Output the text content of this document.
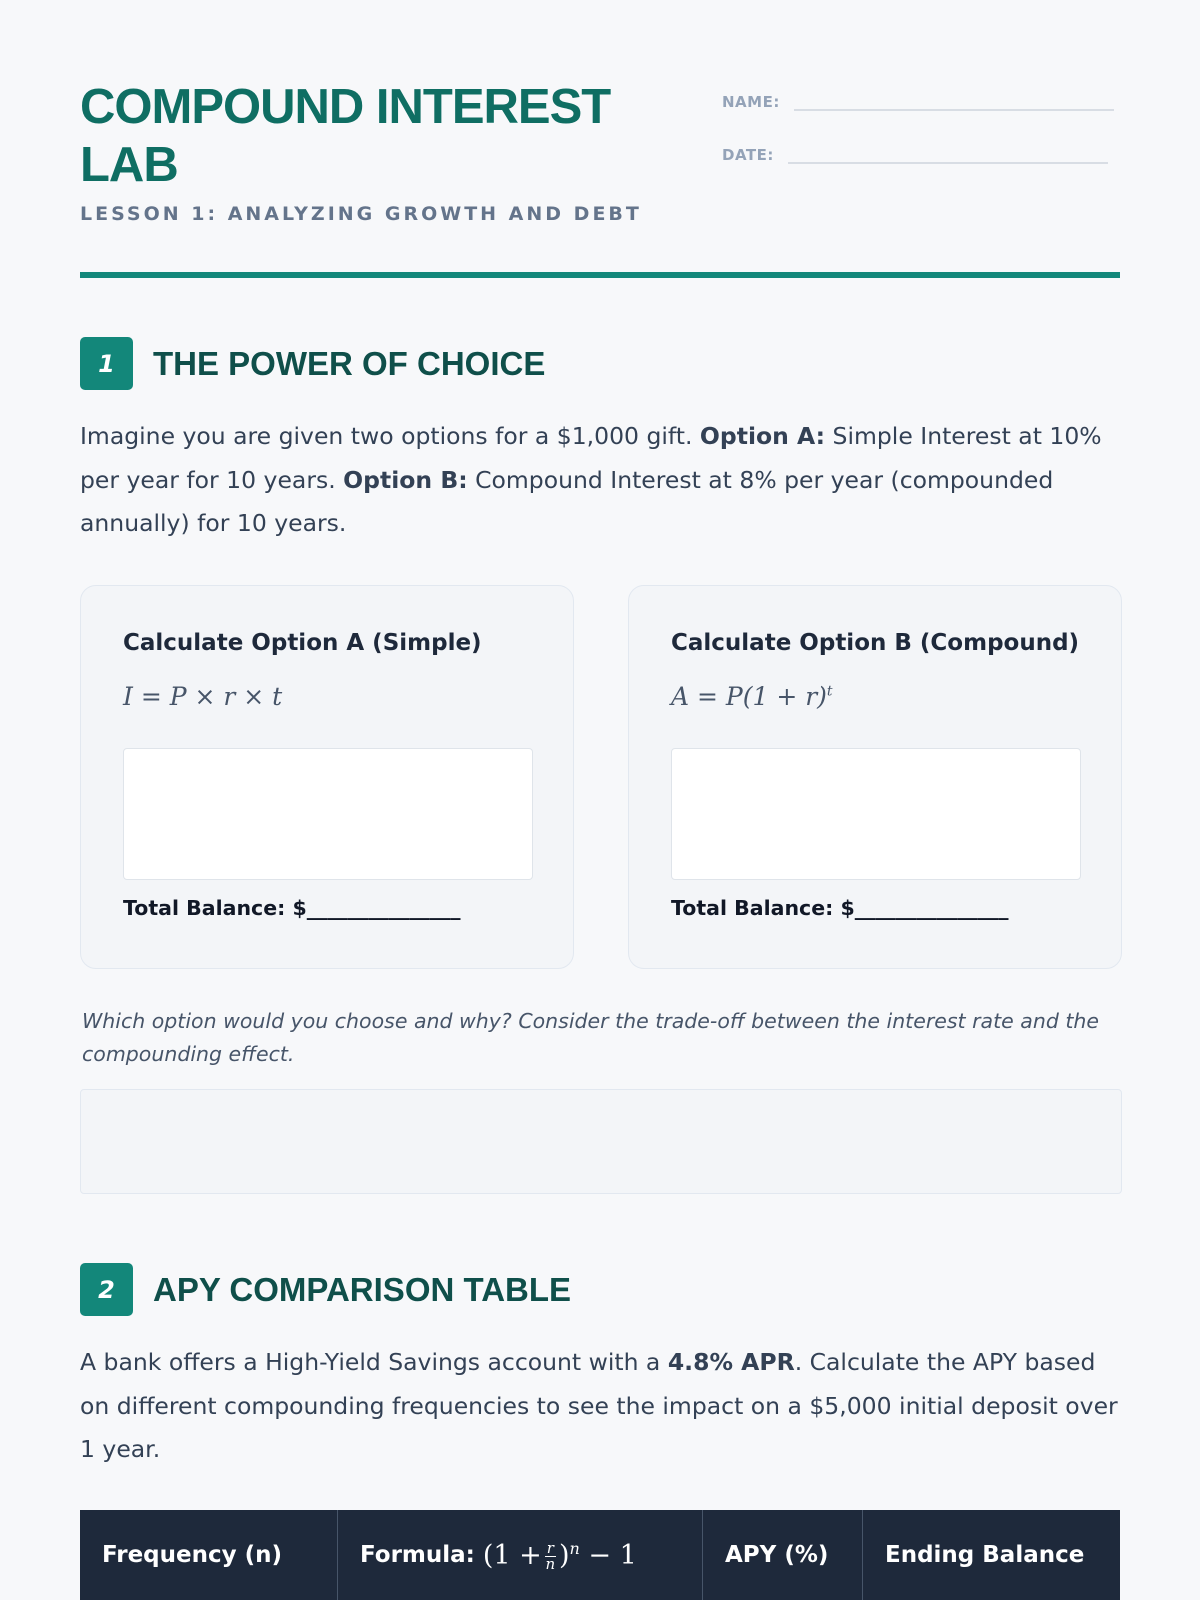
COMPOUND INTEREST
LAB
LESSON 1: ANALYZING GROWTH AND DEBT
NAME:
DATE:
1	THE POWER OF CHOICE
Imagine you are given two options for a $1,000 gift. Option A: Simple Interest at 10% per year for 10 years. Option B: Compound Interest at 8% per year (compounded annually) for 10 years.
Calculate Option A (Simple)
I = P × r × t
Total Balance: $_______________
Calculate Option B (Compound)
$A = P(1 + r)^t$
Total Balance: $_______________
Which option would you choose and why? Consider the trade-off between the interest rate and the compounding effect.
2	APY COMPARISON TABLE
A bank offers a High-Yield Savings account with a 4.8% APR. Calculate the APY based on different compounding frequencies to see the impact on a $5,000 initial deposit over 1 year.
Frequency (n)	Formula: $(1 + \frac{r}{n} )^n - 1$	APY (%)	Ending Balance
